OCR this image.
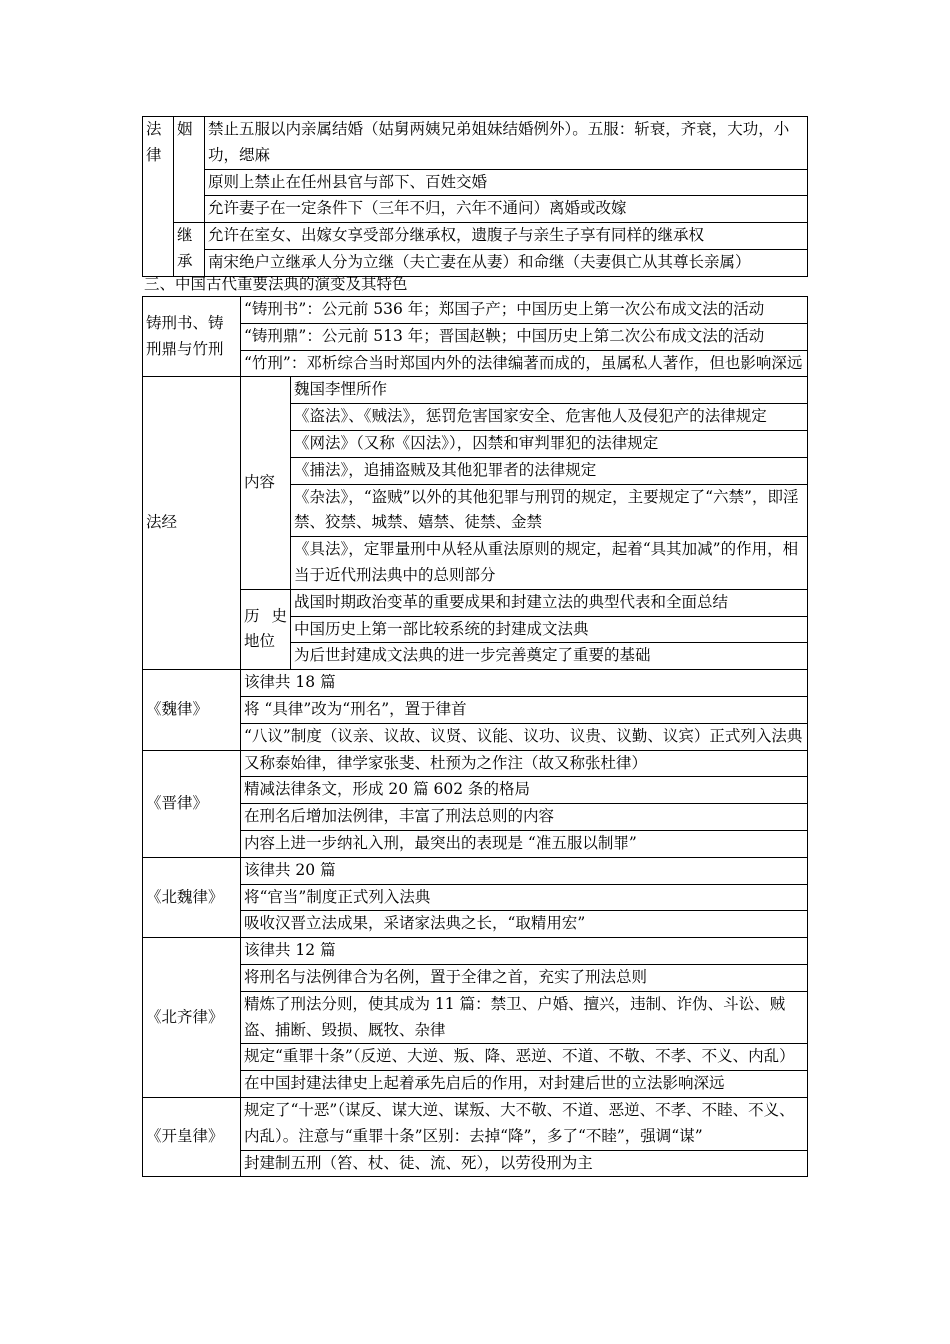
法律	姻	禁止五服以内亲属结婚（姑舅两姨兄弟姐妹结婚例外）。五服：斩衰，齐衰，大功，小功，缌麻
		原则上禁止在任州县官与部下、百姓交婚
		允许妻子在一定条件下（三年不归，六年不通问）离婚或改嫁
	继承	允许在室女、出嫁女享受部分继承权，遗腹子与亲生子享有同样的继承权
		南宋绝户立继承人分为立继（夫亡妻在从妻）和命继（夫妻俱亡从其尊长亲属）
三、中国古代重要法典的演变及其特色
铸刑书、铸刑鼎与竹刑	“铸刑书”：公元前 536 年；郑国子产；中国历史上第一次公布成文法的活动	
	“铸刑鼎”：公元前 513 年；晋国赵鞅；中国历史上第二次公布成文法的活动	
	“竹刑”：邓析综合当时郑国内外的法律编著而成的，虽属私人著作，但也影响深远	
法经	内容	魏国李悝所作
		《盗法》、《贼法》，惩罚危害国家安全、危害他人及侵犯产的法律规定
		《网法》（又称《囚法》），囚禁和审判罪犯的法律规定
		《捕法》，追捕盗贼及其他犯罪者的法律规定
		《杂法》，“盗贼”以外的其他犯罪与刑罚的规定，主要规定了“六禁”，即淫禁、狡禁、城禁、嬉禁、徒禁、金禁
		《具法》，定罪量刑中从轻从重法原则的规定，起着“具其加减”的作用，相当于近代刑法典中的总则部分
	历 史 地位	战国时期政治变革的重要成果和封建立法的典型代表和全面总结
		中国历史上第一部比较系统的封建成文法典
		为后世封建成文法典的进一步完善奠定了重要的基础
《魏律》	该律共 18 篇	
	将 “具律”改为“刑名”，置于律首	
	“八议”制度（议亲、议故、议贤、议能、议功、议贵、议勤、议宾）正式列入法典	
《晋律》	又称泰始律，律学家张斐、杜预为之作注（故又称张杜律）	
	精减法律条文，形成 20 篇 602 条的格局	
	在刑名后增加法例律，丰富了刑法总则的内容	
	内容上进一步纳礼入刑，最突出的表现是 “准五服以制罪”	
《北魏律》	该律共 20 篇	
	将“官当”制度正式列入法典	
	吸收汉晋立法成果，采诸家法典之长，“取精用宏”	
《北齐律》	该律共 12 篇	
	将刑名与法例律合为名例，置于全律之首，充实了刑法总则	
	精炼了刑法分则，使其成为 11 篇：禁卫、户婚、擅兴，违制、诈伪、斗讼、贼盗、捕断、毁损、厩牧、杂律	
	规定“重罪十条”（反逆、大逆、叛、降、恶逆、不道、不敬、不孝、不义、内乱）	
	在中国封建法律史上起着承先启后的作用，对封建后世的立法影响深远	
《开皇律》	规定了“十恶”（谋反、谋大逆、谋叛、大不敬、不道、恶逆、不孝、不睦、不义、内乱）。注意与“重罪十条”区别：去掉“降”，多了“不睦”，强调“谋”	
	封建制五刑（笞、杖、徒、流、死），以劳役刑为主	
